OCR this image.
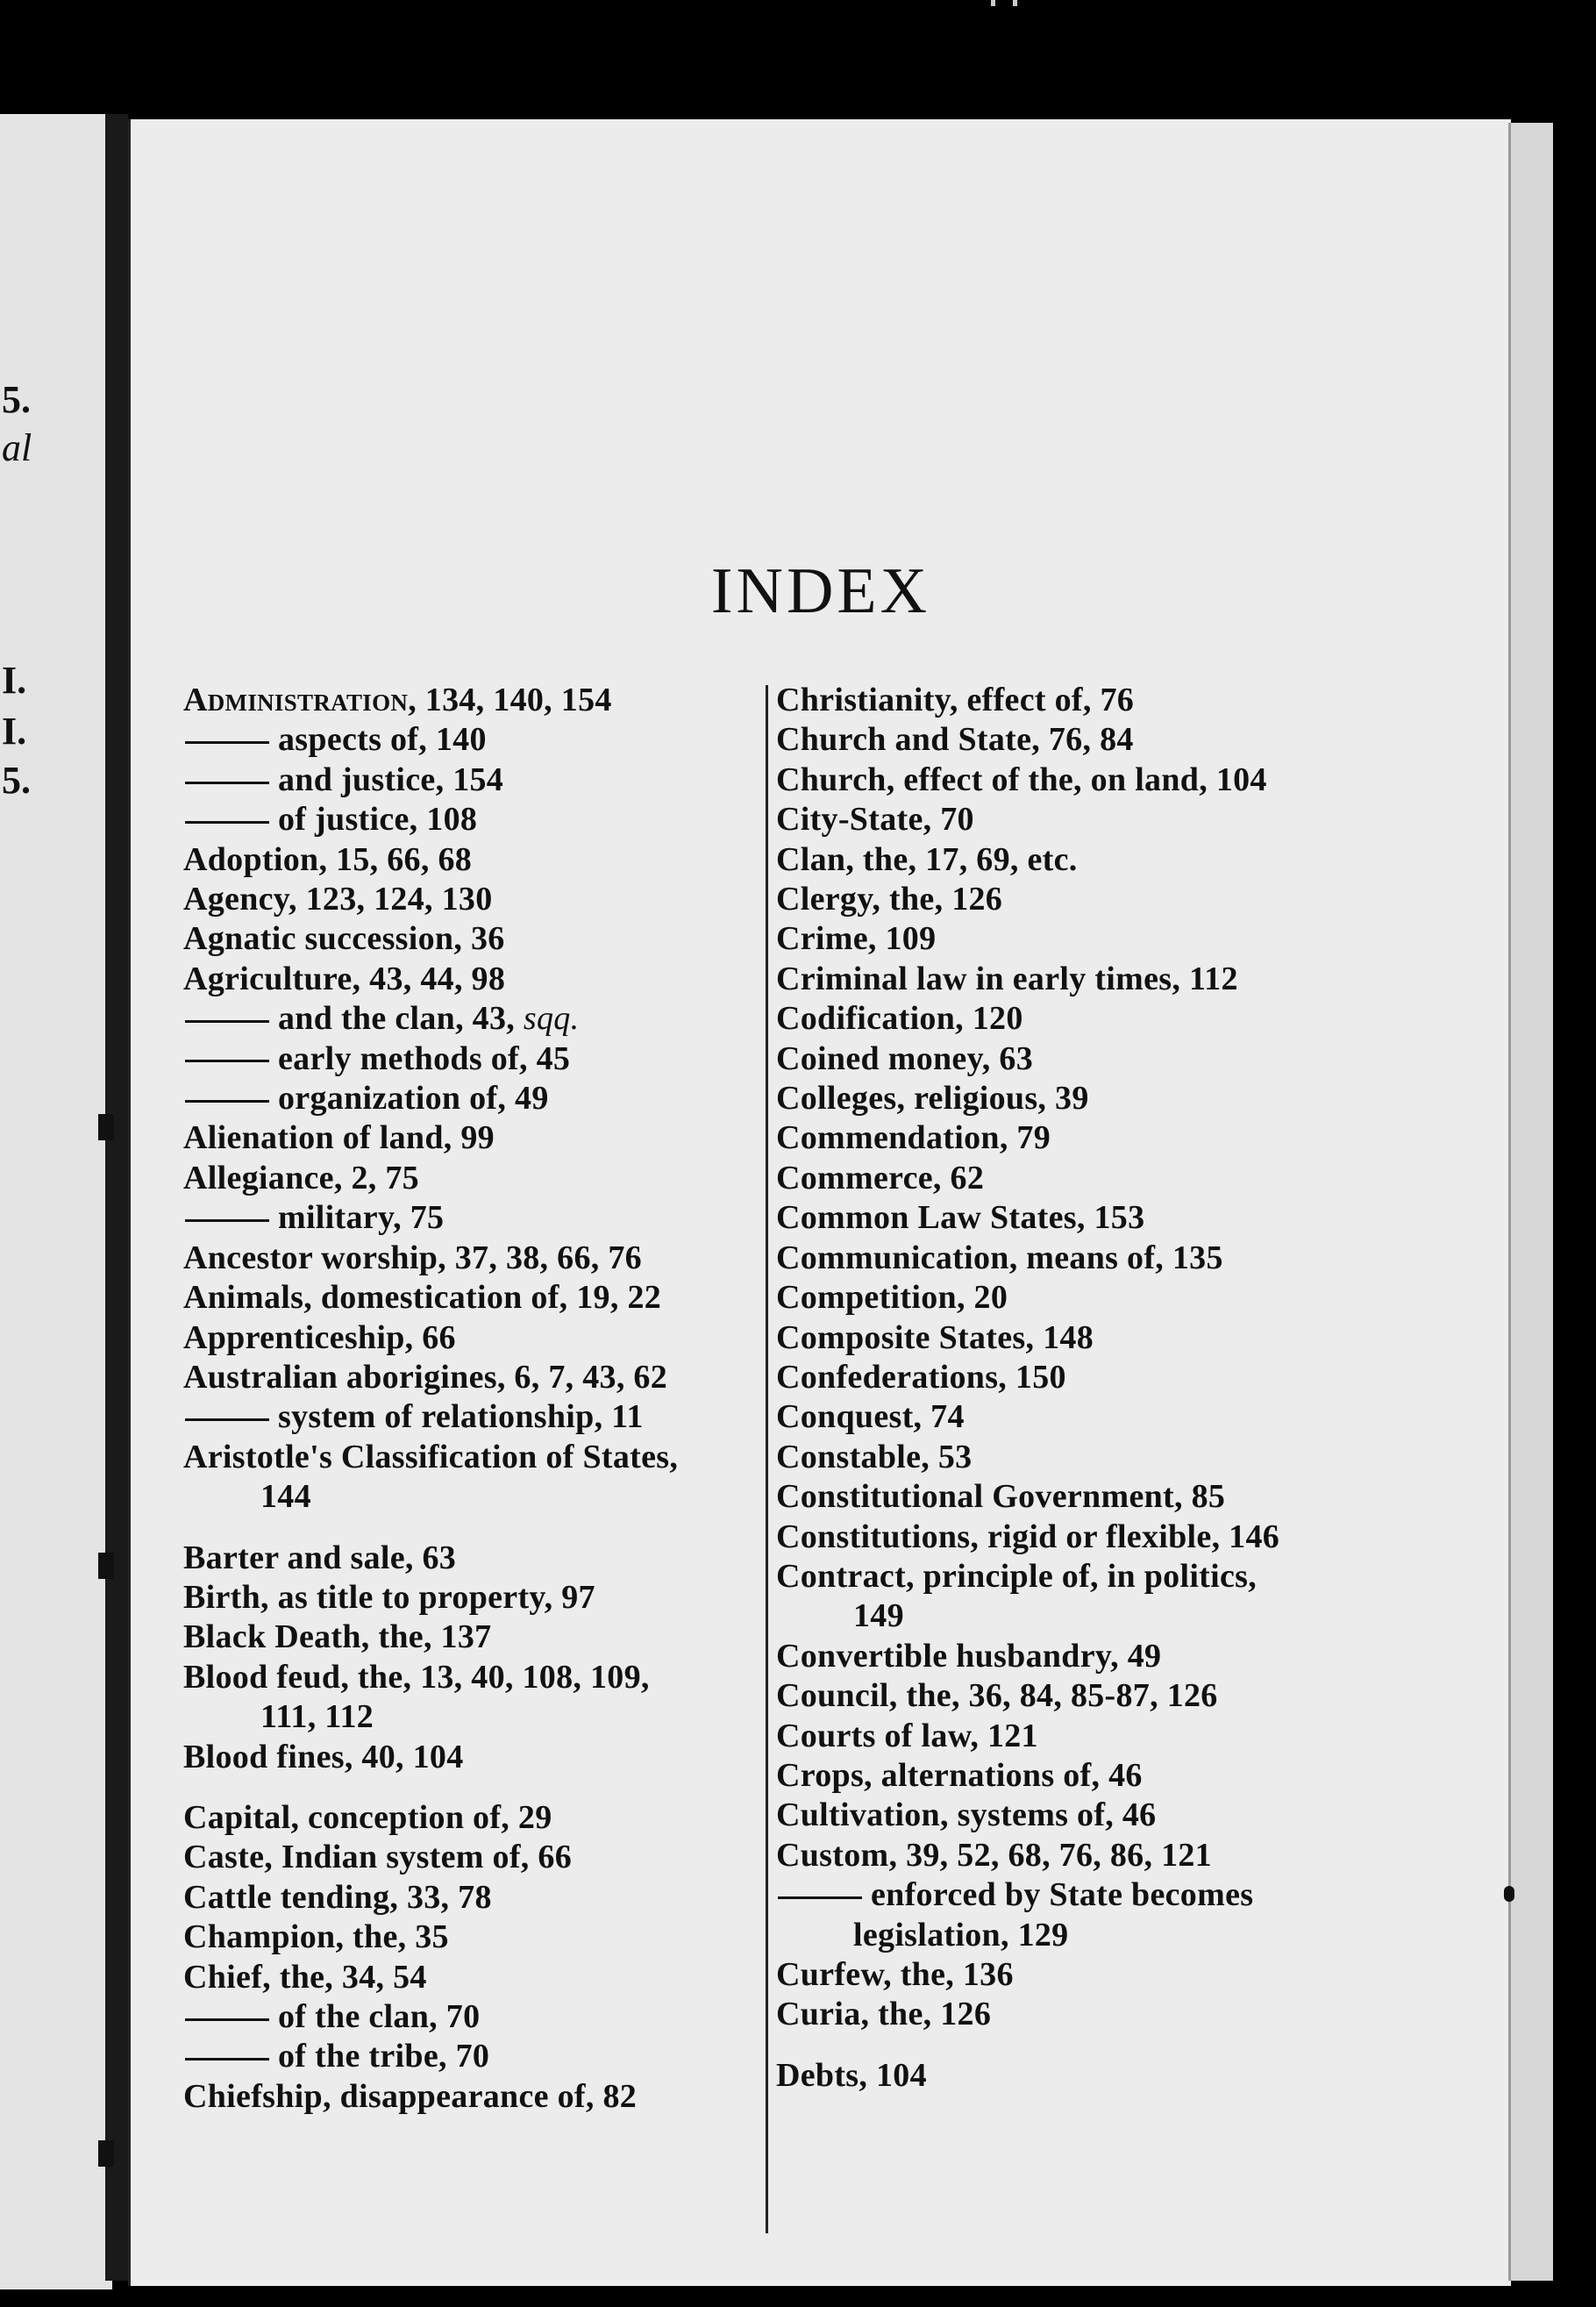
5.
al
I.
I.
5.
INDEX
Administration, 134, 140, 154
aspects of, 140
and justice, 154
of justice, 108
Adoption, 15, 66, 68
Agency, 123, 124, 130
Agnatic succession, 36
Agriculture, 43, 44, 98
and the clan, 43, sqq.
early methods of, 45
organization of, 49
Alienation of land, 99
Allegiance, 2, 75
military, 75
Ancestor worship, 37, 38, 66, 76
Animals, domestication of, 19, 22
Apprenticeship, 66
Australian aborigines, 6, 7, 43, 62
system of relationship, 11
Aristotle's Classification of States,
144
Barter and sale, 63
Birth, as title to property, 97
Black Death, the, 137
Blood feud, the, 13, 40, 108, 109,
111, 112
Blood fines, 40, 104
Capital, conception of, 29
Caste, Indian system of, 66
Cattle tending, 33, 78
Champion, the, 35
Chief, the, 34, 54
of the clan, 70
of the tribe, 70
Chiefship, disappearance of, 82
Christianity, effect of, 76
Church and State, 76, 84
Church, effect of the, on land, 104
City-State, 70
Clan, the, 17, 69, etc.
Clergy, the, 126
Crime, 109
Criminal law in early times, 112
Codification, 120
Coined money, 63
Colleges, religious, 39
Commendation, 79
Commerce, 62
Common Law States, 153
Communication, means of, 135
Competition, 20
Composite States, 148
Confederations, 150
Conquest, 74
Constable, 53
Constitutional Government, 85
Constitutions, rigid or flexible, 146
Contract, principle of, in politics,
149
Convertible husbandry, 49
Council, the, 36, 84, 85-87, 126
Courts of law, 121
Crops, alternations of, 46
Cultivation, systems of, 46
Custom, 39, 52, 68, 76, 86, 121
enforced by State becomes
legislation, 129
Curfew, the, 136
Curia, the, 126
Debts, 104
